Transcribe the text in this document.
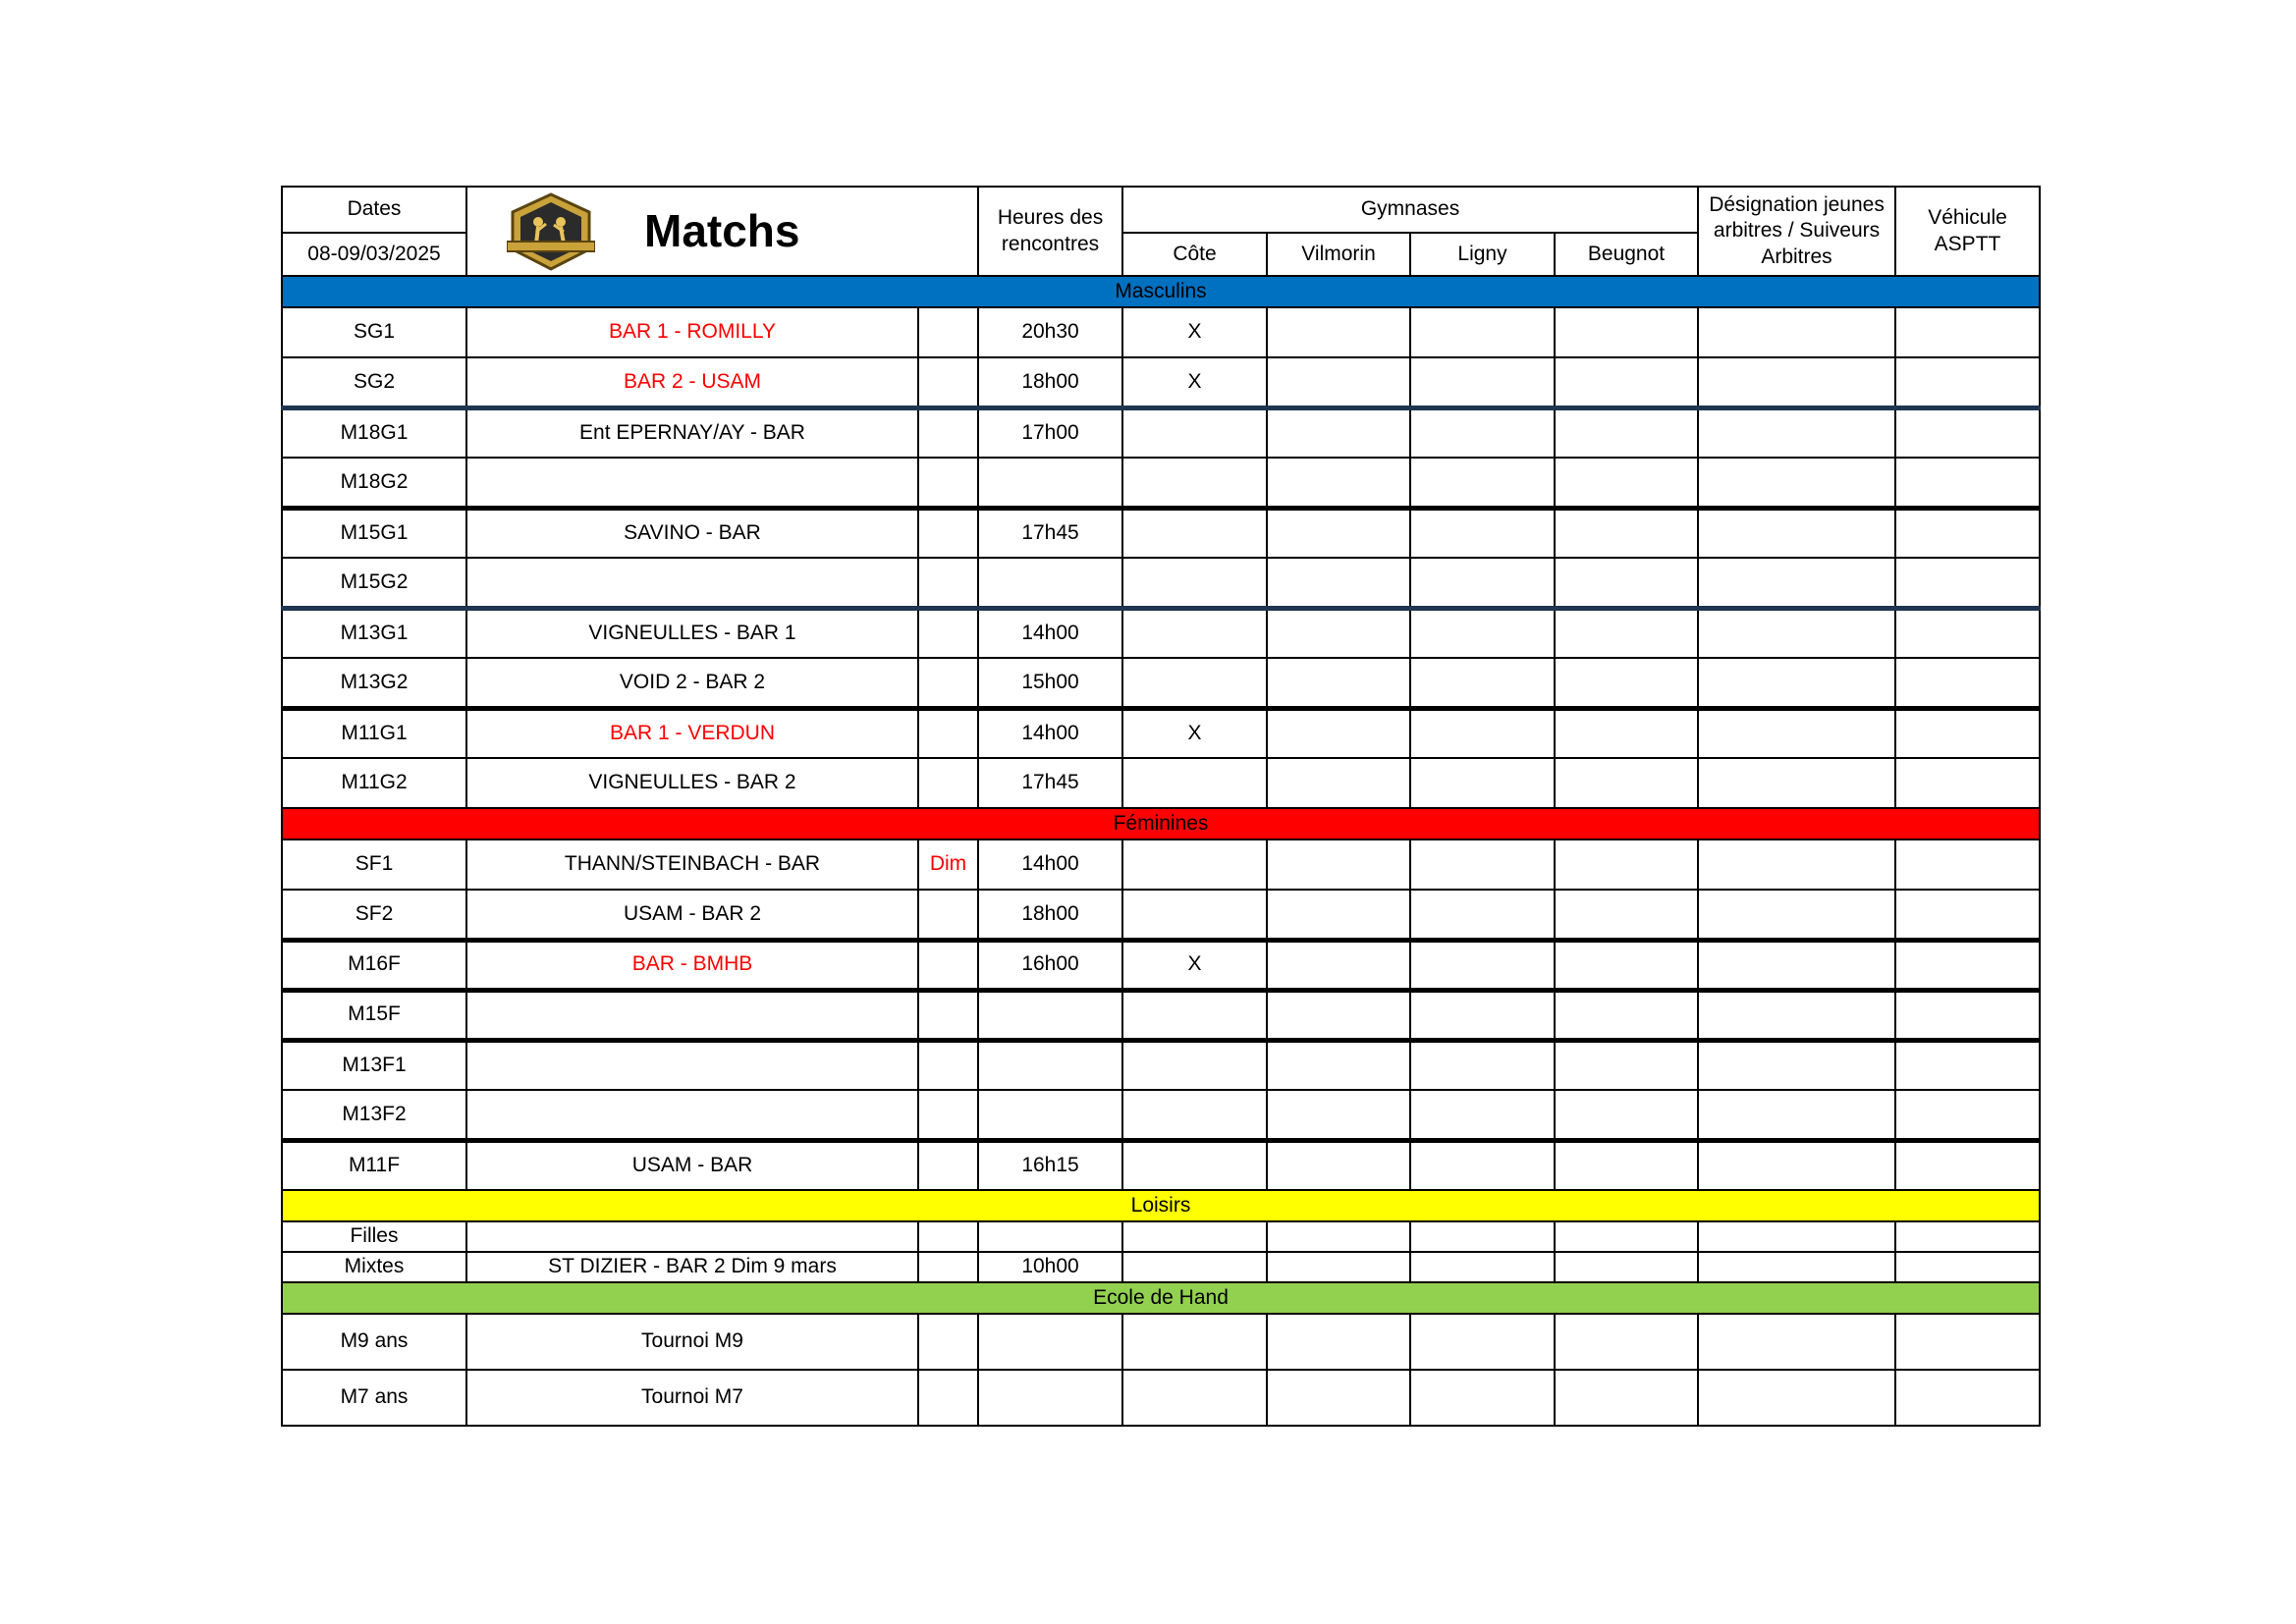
Dates	Matchs		Heures des rencontres	Gymnases				Désignation jeunes arbitres / Suiveurs Arbitres	Véhicule ASPTT
08-09/03/2025				Côte	Vilmorin	Ligny	Beugnot		
Masculins									
SG1	BAR 1 - ROMILLY		20h30	X					
SG2	BAR 2 - USAM		18h00	X					
M18G1	Ent EPERNAY/AY - BAR		17h00						
M18G2									
M15G1	SAVINO - BAR		17h45						
M15G2									
M13G1	VIGNEULLES - BAR 1		14h00						
M13G2	VOID 2 - BAR 2		15h00						
M11G1	BAR 1 - VERDUN		14h00	X					
M11G2	VIGNEULLES - BAR 2		17h45						
Féminines									
SF1	THANN/STEINBACH - BAR	Dim	14h00						
SF2	USAM - BAR 2		18h00						
M16F	BAR - BMHB		16h00	X					
M15F									
M13F1									
M13F2									
M11F	USAM - BAR		16h15						
Loisirs									
Filles									
Mixtes	ST DIZIER - BAR 2 Dim 9 mars		10h00						
Ecole de Hand									
M9 ans	Tournoi M9								
M7 ans	Tournoi M7								
